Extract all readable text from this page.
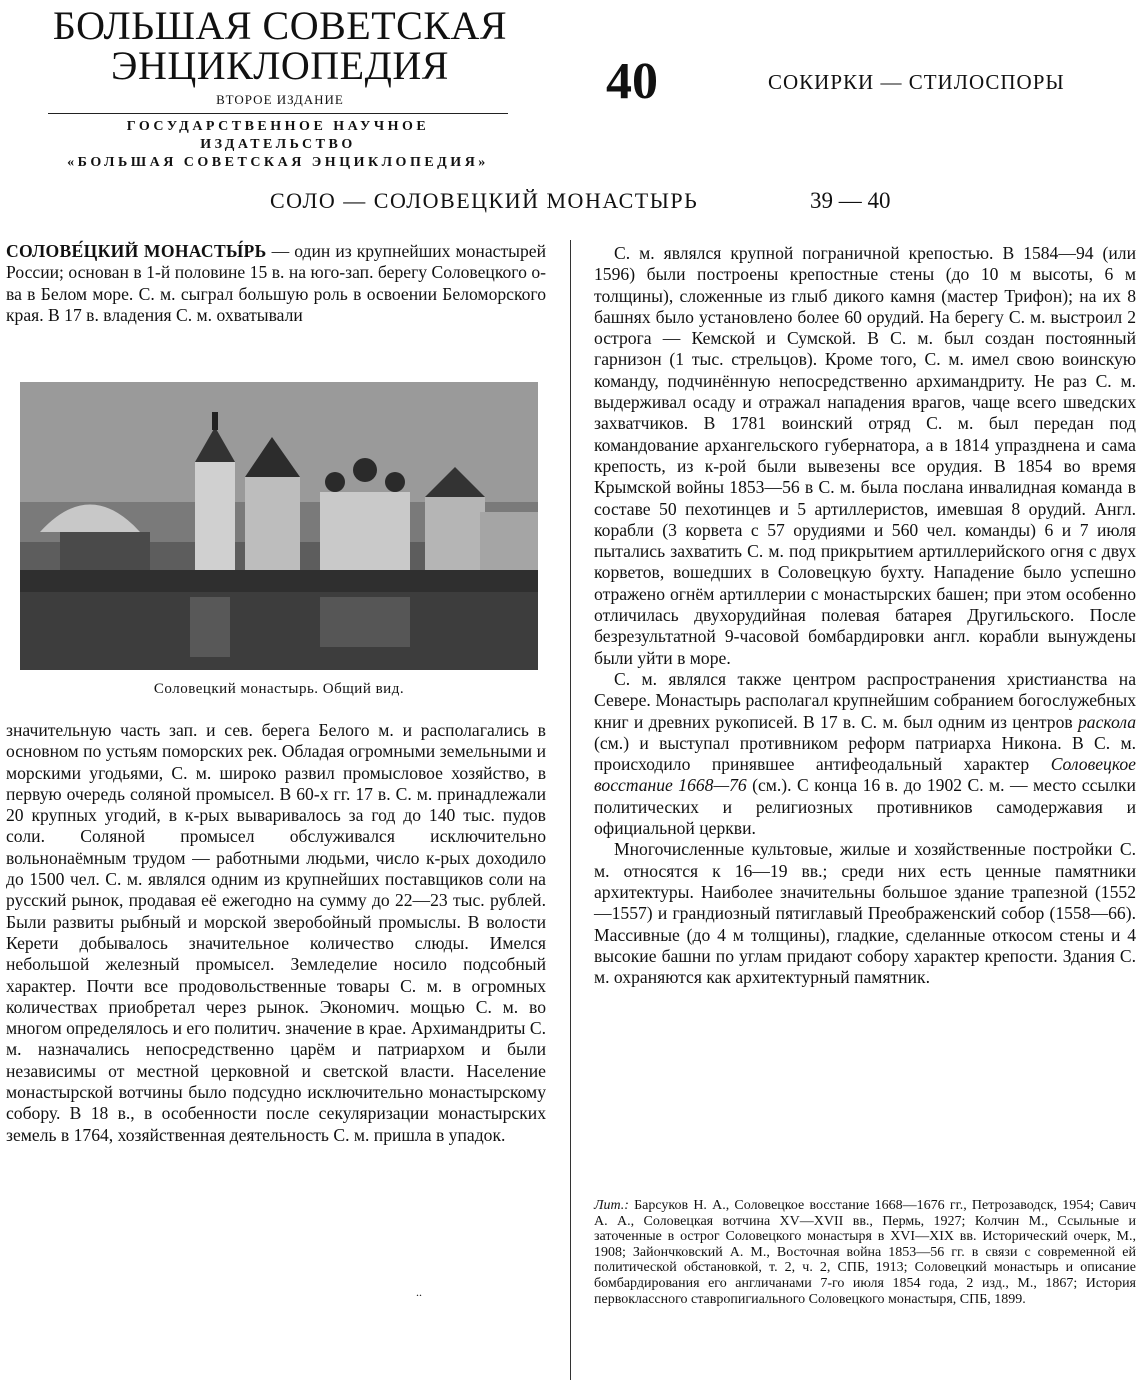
БОЛЬШАЯ СОВЕТСКАЯ
ЭНЦИКЛОПЕДИЯ
ВТОРОЕ ИЗДАНИЕ
ГОСУДАРСТВЕННОЕ НАУЧНОЕ ИЗДАТЕЛЬСТВО
«БОЛЬШАЯ СОВЕТСКАЯ ЭНЦИКЛОПЕДИЯ»
40	СОКИРКИ — СТИЛОСПОРЫ
СОЛО — СОЛОВЕЦКИЙ МОНАСТЫРЬ	39 — 40

СОЛОВЕ́ЦКИЙ МОНАСТЫ́РЬ — один из крупнейших монастырей России; основан в 1-й половине 15 в. на юго-зап. берегу Соловецкого о-ва в Белом море. С. м. сыграл большую роль в освоении Беломорского края. В 17 в. владения С. м. охватывали

Соловецкий монастырь. Общий вид.

значительную часть зап. и сев. берега Белого м. и располагались в основном по устьям поморских рек. Обладая огромными земельными и морскими угодьями, С. м. широко развил промысловое хозяйство, в первую очередь соляной промысел. В 60-х гг. 17 в. С. м. принадлежали 20 крупных угодий, в к-рых вываривалось за год до 140 тыс. пудов соли. Соляной промысел обслуживался исключительно вольнонаёмным трудом — работными людьми, число к-рых доходило до 1500 чел. С. м. являлся одним из крупнейших поставщиков соли на русский рынок, продавая её ежегодно на сумму до 22—23 тыс. рублей. Были развиты рыбный и морской зверобойный промыслы. В волости Керети добывалось значительное количество слюды. Имелся небольшой железный промысел. Земледелие носило подсобный характер. Почти все продовольственные товары С. м. в огромных количествах приобретал через рынок. Экономич. мощью С. м. во многом определялось и его политич. значение в крае. Архимандриты С. м. назначались непосредственно царём и патриархом и были независимы от местной церковной и светской власти. Население монастырской вотчины было подсудно исключительно монастырскому собору. В 18 в., в особенности после секуляризации монастырских земель в 1764, хозяйственная деятельность С. м. пришла в упадок.

С. м. являлся крупной пограничной крепостью. В 1584—94 (или 1596) были построены крепостные стены (до 10 м высоты, 6 м толщины), сложенные из глыб дикого камня (мастер Трифон); на их 8 башнях было установлено более 60 орудий. На берегу С. м. выстроил 2 острога — Кемской и Сумской. В С. м. был создан постоянный гарнизон (1 тыс. стрельцов). Кроме того, С. м. имел свою воинскую команду, подчинённую непосредственно архимандриту. Не раз С. м. выдерживал осаду и отражал нападения врагов, чаще всего шведских захватчиков. В 1781 воинский отряд С. м. был передан под командование архангельского губернатора, а в 1814 упразднена и сама крепость, из к-рой были вывезены все орудия. В 1854 во время Крымской войны 1853—56 в С. м. была послана инвалидная команда в составе 50 пехотинцев и 5 артиллеристов, имевшая 8 орудий. Англ. корабли (3 корвета с 57 орудиями и 560 чел. команды) 6 и 7 июля пытались захватить С. м. под прикрытием артиллерийского огня с двух корветов, вошедших в Соловецкую бухту. Нападение было успешно отражено огнём артиллерии с монастырских башен; при этом особенно отличилась двухорудийная полевая батарея Другильского. После безрезультатной 9-часовой бомбардировки англ. корабли вынуждены были уйти в море.

С. м. являлся также центром распространения христианства на Севере. Монастырь располагал крупнейшим собранием богослужебных книг и древних рукописей. В 17 в. С. м. был одним из центров раскола (см.) и выступал противником реформ патриарха Никона. В С. м. происходило принявшее антифеодальный характер Соловецкое восстание 1668—76 (см.). С конца 16 в. до 1902 С. м. — место ссылки политических и религиозных противников самодержавия и официальной церкви.

Многочисленные культовые, жилые и хозяйственные постройки С. м. относятся к 16—19 вв.; среди них есть ценные памятники архитектуры. Наиболее значительны большое здание трапезной (1552—1557) и грандиозный пятиглавый Преображенский собор (1558—66). Массивные (до 4 м толщины), гладкие, сделанные откосом стены и 4 высокие башни по углам придают собору характер крепости. Здания С. м. охраняются как архитектурный памятник.

Лит.: Барсуков Н. А., Соловецкое восстание 1668—1676 гг., Петрозаводск, 1954; Савич А. А., Соловецкая вотчина XV—XVII вв., Пермь, 1927; Колчин М., Ссыльные и заточенные в острог Соловецкого монастыря в XVI—XIX вв. Исторический очерк, М., 1908; Зайончковский А. М., Восточная война 1853—56 гг. в связи с современной ей политической обстановкой, т. 2, ч. 2, СПБ, 1913; Соловецкий монастырь и описание бомбардирования его англичанами 7-го июля 1854 года, 2 изд., М., 1867; История первоклассного ставропигиального Соловецкого монастыря, СПБ, 1899.
..
